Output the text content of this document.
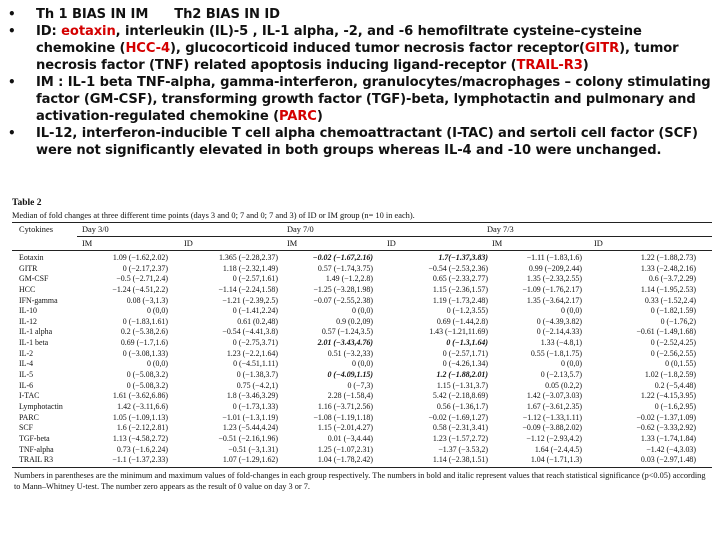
• Th 1 BIAS IN IM Th2 BIAS IN ID
• ID: eotaxin, interleukin (IL)-5 , IL-1 alpha, -2, and -6 hemofiltrate cysteine–cysteine chemokine (HCC-4), glucocorticoid induced tumor necrosis factor receptor(GITR), tumor necrosis factor (TNF) related apoptosis inducing ligand-receptor (TRAIL-R3)
• IM : IL-1 beta TNF-alpha, gamma-interferon, granulocytes/macrophages – colony stimulating factor (GM-CSF), transforming growth factor (TGF)-beta, lymphotactin and pulmonary and activation-regulated chemokine (PARC)
• IL-12, interferon-inducible T cell alpha chemoattractant (I-TAC) and sertoli cell factor (SCF) were not significantly elevated in both groups whereas IL-4 and -10 were unchanged.
Table 2
Median of fold changes at three different time points (days 3 and 0; 7 and 0; 7 and 3) of ID or IM group (n= 10 in each).
Cytokines	Day 3/0	Day 7/0	Day 7/3
IM	ID	IM	ID	IM	ID
Eotaxin	1.09 (−1.62,2.02)	1.365 (−2.28,2.37)	−0.02 (−1.67,2.16)	1.7(−1.37,3.83)	−1.11 (−1.83,1.6)	1.22 (−1.88,2.73)
GITR	0 (−2.17,2.37)	1.18 (−2.32,1.49)	0.57 (−1.74,3.75)	−0.54 (−2.53,2.36)	0.99 (−209,2.44)	1.33 (−2.48,2.16)
GM-CSF	−0.5 (−2.71,2.4)	0 (−2.57,1.61)	1.49 (−1.2,2.8)	0.65 (−2.33,2.77)	1.35 (−2.33,2.55)	0.6 (−3.7,2.29)
HCC	−1.24 (−4.51,2.2)	−1.14 (−2.24,1.58)	−1.25 (−3.28,1.98)	1.15 (−2.36,1.57)	−1.09 (−1.76,2.17)	1.14 (−1.95,2.53)
IFN-gamma	0.08 (−3,1.3)	−1.21 (−2.39,2.5)	−0.07 (−2.55,2.38)	1.19 (−1.73,2.48)	1.35 (−3.64,2.17)	0.33 (−1.52,2.4)
IL-10	0 (0,0)	0 (−1.41,2.24)	0 (0,0)	0 (−1.2,3.55)	0 (0,0)	0 (−1.82,1.59)
IL-12	0 (−1.83,1.61)	0.61 (0.2,48)	0.9 (0.2,09)	0.69 (−1.44,2.8)	0 (−4.39,3.82)	0 (−1.76,2)
IL-1 alpha	0.2 (−5.38,2.6)	−0.54 (−4.41,3.8)	0.57 (−1.24,3.5)	1.43 (−1.21,11.69)	0 (−2.14,4.33)	−0.61 (−1.49,1.68)
IL-1 beta	0.69 (−1.7,1.6)	0 (−2.75,3.71)	2.01 (−3.43,4.76)	0 (−1.3,1.64)	1.33 (−4.8,1)	0 (−2.52,4.25)
IL-2	0 (−3.08,1.33)	1.23 (−2.2,1.64)	0.51 (−3.2,33)	0 (−2.57,1.71)	0.55 (−1.8,1.75)	0 (−2.56,2.55)
IL-4	0 (0,0)	0 (−4.51,1.11)	0 (0,0)	0 (−4.26,1.34)	0 (0,0)	0 (0,1.55)
IL-5	0 (−5.08,3.2)	0 (−1.38,3.7)	0 (−4.09,1.15)	1.2 (−1.88,2.01)	0 (−2.13,5.7)	1.02 (−1.8,2.59)
IL-6	0 (−5.08,3.2)	0.75 (−4.2,1)	0 (−7,3)	1.15 (−1.31,3.7)	0.05 (0.2,2)	0.2 (−5,4.48)
I-TAC	1.61 (−3.62,6.86)	1.8 (−3.46,3.29)	2.28 (−1.58,4)	5.42 (−2.18,8.69)	1.42 (−3.07,3.03)	1.22 (−4.15,3.95)
Lymphotactin	1.42 (−3.11,6.6)	0 (−1.73,1.33)	1.16 (−3.71,2.56)	0.56 (−1.36,1.7)	1.67 (−3.61,2.35)	0 (−1.6,2.95)
PARC	1.05 (−1.09,1.13)	−1.01 (−1.3,1.19)	−1.08 (−1.19,1.18)	−0.02 (−1.69,1.27)	−1.12 (−1.33,1.11)	−0.02 (−1.37,1.09)
SCF	1.6 (−2.12,2.81)	1.23 (−5.44,4.24)	1.15 (−2.01,4.27)	0.58 (−2.31,3.41)	−0.09 (−3.88,2.02)	−0.62 (−3.33,2.92)
TGF-beta	1.13 (−4.58,2.72)	−0.51 (−2.16,1.96)	0.01 (−3,4.44)	1.23 (−1.57,2.72)	−1.12 (−2.93,4.2)	1.33 (−1.74,1.84)
TNF-alpha	0.73 (−1.6,2.24)	−0.51 (−3,1.31)	1.25 (−1.07,2.31)	−1.37 (−3.53,2)	1.64 (−2.4,4.5)	−1.42 (−4,3.03)
TRAIL R3	−1.1 (−1.37,2.33)	1.07 (−1.29,1.62)	1.04 (−1.78,2.42)	1.14 (−2.38,1.51)	1.04 (−1.71,1.3)	0.03 (−2.97,1.48)
Numbers in parentheses are the minimum and maximum values of fold-changes in each group respectively. The numbers in bold and italic represent values that reach statistical significance (p<0.05) according to Mann–Whitney U-test. The number zero appears as the result of 0 value on day 3 or 7.
